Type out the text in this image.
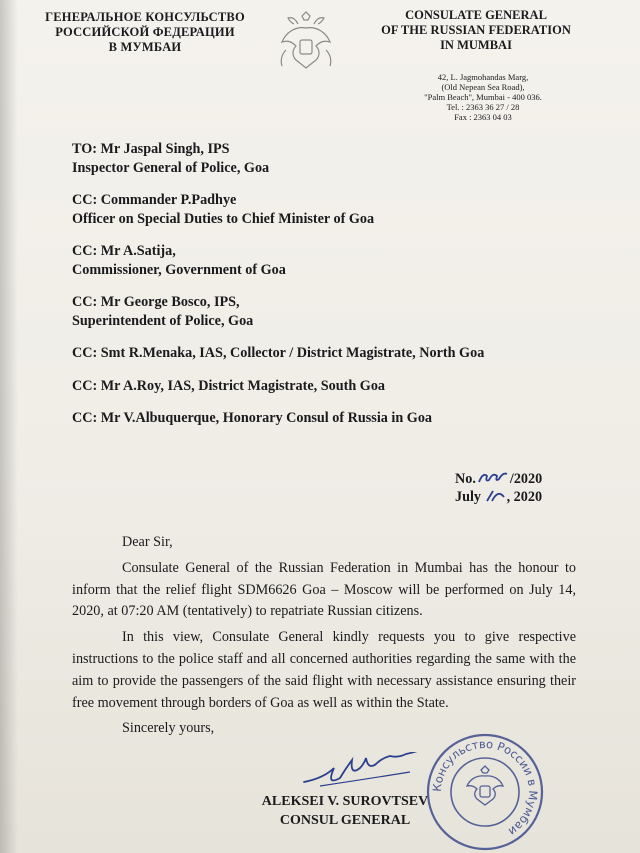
ГЕНЕРАЛЬНОЕ КОНСУЛЬСТВО
РОССИЙСКОЙ ФЕДЕРАЦИИ
В МУМБАИ
CONSULATE GENERAL
OF THE RUSSIAN FEDERATION
IN MUMBAI
42, L. Jagmohandas Marg,
(Old Nepean Sea Road),
"Palm Beach", Mumbai - 400 036.
Tel. : 2363 36 27 / 28
Fax : 2363 04 03
TO: Mr Jaspal Singh, IPS
Inspector General of Police, Goa
CC: Commander P.Padhye
Officer on Special Duties to Chief Minister of Goa
CC: Mr A.Satija,
Commissioner, Government of Goa
CC: Mr George Bosco, IPS,
Superintendent of Police, Goa
CC: Smt R.Menaka, IAS, Collector / District Magistrate, North Goa
CC: Mr A.Roy, IAS, District Magistrate, South Goa
CC: Mr V.Albuquerque, Honorary Consul of Russia in Goa
No. /2020
July , 2020
Dear Sir,

Consulate General of the Russian Federation in Mumbai has the honour to inform that the relief flight SDM6626 Goa – Moscow will be performed on July 14, 2020, at 07:20 AM (tentatively) to repatriate Russian citizens.

In this view, Consulate General kindly requests you to give respective instructions to the police staff and all concerned authorities regarding the same with the aim to provide the passengers of the said flight with necessary assistance ensuring their free movement through borders of Goa as well as within the State.

Sincerely yours,
ALEKSEI V. SUROVTSEV
CONSUL GENERAL
Консульство России в Мумбаи
